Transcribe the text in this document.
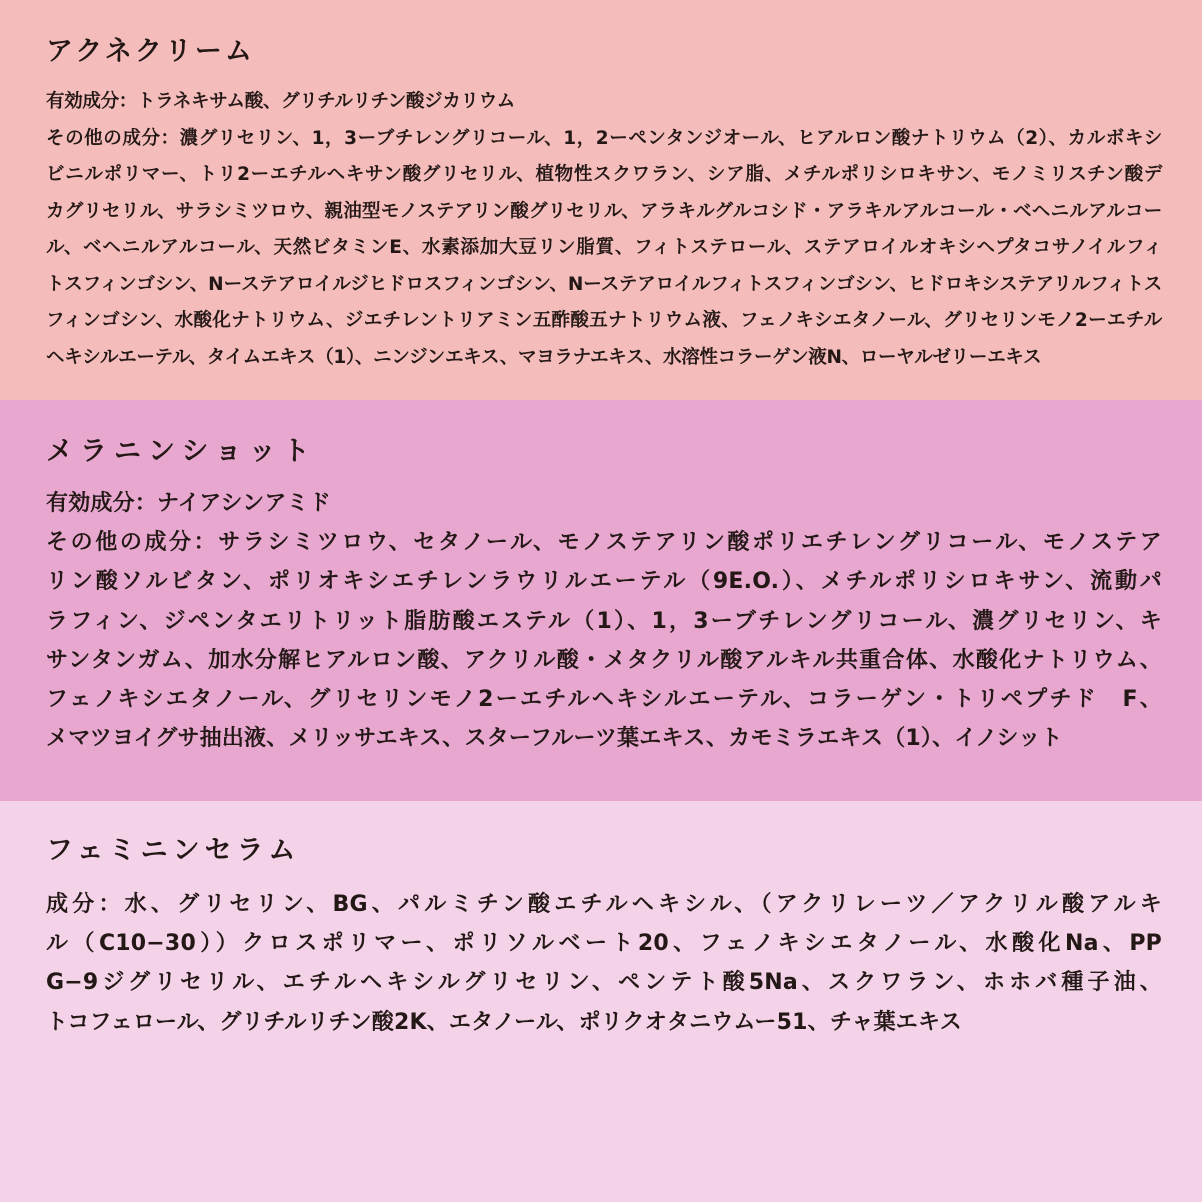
アクネクリーム
有効成分：トラネキサム酸、グリチルリチン酸ジカリウム
その他の成分：濃グリセリン、1，3ーブチレングリコール、1，2ーペンタンジオール、ヒアルロン酸ナトリウム（2）、カルボキシ
ビニルポリマー、トリ2ーエチルヘキサン酸グリセリル、植物性スクワラン、シア脂、メチルポリシロキサン、モノミリスチン酸デ
カグリセリル、サラシミツロウ、親油型モノステアリン酸グリセリル、アラキルグルコシド・アラキルアルコール・ベヘニルアルコー
ル、ベヘニルアルコール、天然ビタミンE、水素添加大豆リン脂質、フィトステロール、ステアロイルオキシヘプタコサノイルフィ
トスフィンゴシン、Nーステアロイルジヒドロスフィンゴシン、Nーステアロイルフィトスフィンゴシン、ヒドロキシステアリルフィトス
フィンゴシン、水酸化ナトリウム、ジエチレントリアミン五酢酸五ナトリウム液、フェノキシエタノール、グリセリンモノ2ーエチル
ヘキシルエーテル、タイムエキス（1）、ニンジンエキス、マヨラナエキス、水溶性コラーゲン液N、ローヤルゼリーエキス
メラニンショット
有効成分：ナイアシンアミド
その他の成分：サラシミツロウ、セタノール、モノステアリン酸ポリエチレングリコール、モノステア
リン酸ソルビタン、ポリオキシエチレンラウリルエーテル（9E.O.）、メチルポリシロキサン、流動パ
ラフィン、ジペンタエリトリット脂肪酸エステル（1）、1，3ーブチレングリコール、濃グリセリン、キ
サンタンガム、加水分解ヒアルロン酸、アクリル酸・メタクリル酸アルキル共重合体、水酸化ナトリウム、
フェノキシエタノール、グリセリンモノ2ーエチルヘキシルエーテル、コラーゲン・トリペプチド　F、
メマツヨイグサ抽出液、メリッサエキス、スターフルーツ葉エキス、カモミラエキス（1）、イノシット
フェミニンセラム
成分：水、グリセリン、BG、パルミチン酸エチルヘキシル、（アクリレーツ／アクリル酸アルキ
ル（C10−30））クロスポリマー、ポリソルベート20、フェノキシエタノール、水酸化Na、PP
G−9ジグリセリル、エチルヘキシルグリセリン、ペンテト酸5Na、スクワラン、ホホバ種子油、
トコフェロール、グリチルリチン酸2K、エタノール、ポリクオタニウムー51、チャ葉エキス
